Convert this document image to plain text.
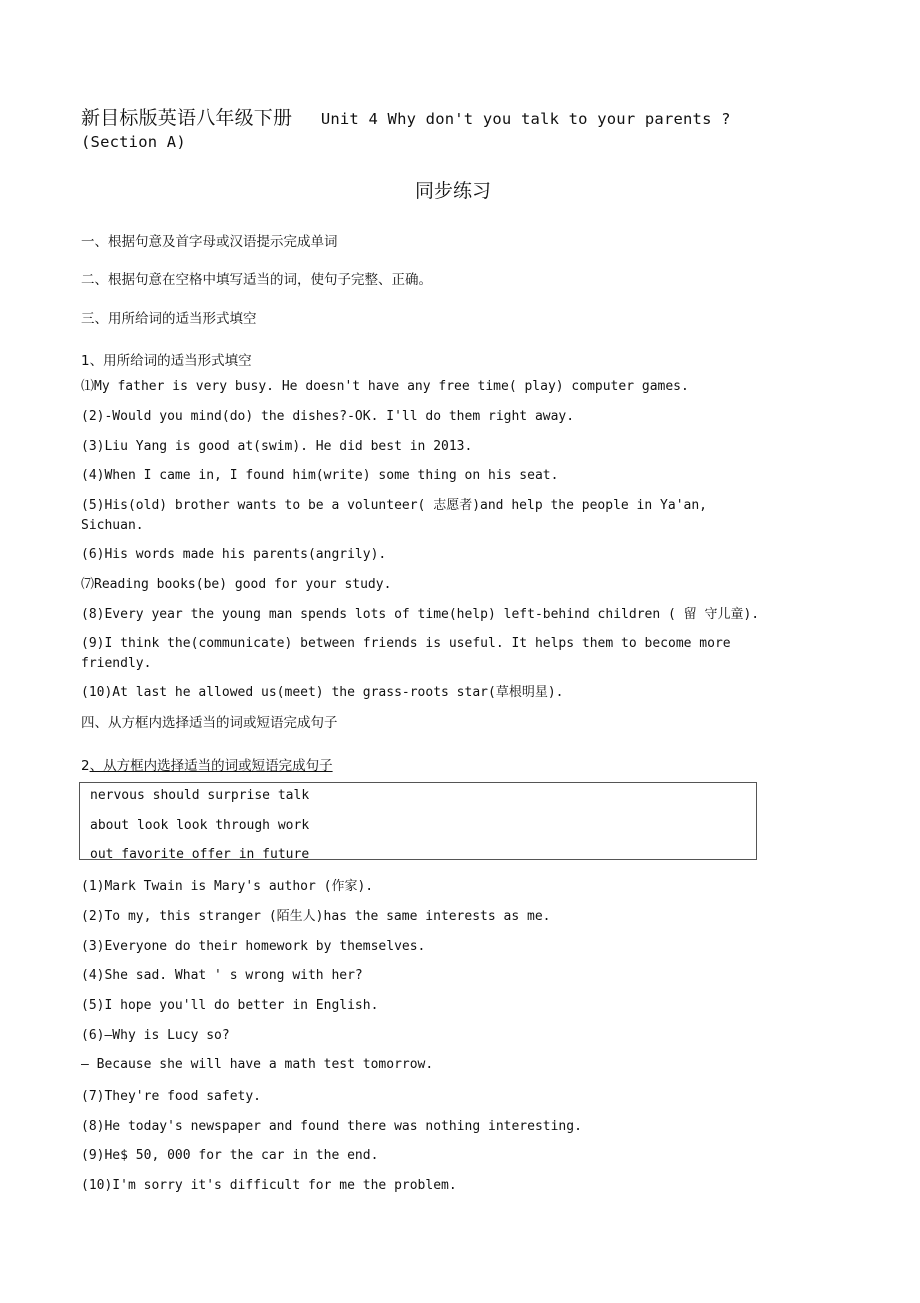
新目标版英语八年级下册 Unit 4 Why don't you talk to your parents ?
(Section A)
同步练习
一、根据句意及首字母或汉语提示完成单词
二、根据句意在空格中填写适当的词，使句子完整、正确。
三、用所给词的适当形式填空
1、用所给词的适当形式填空
⑴My father is very busy. He doesn't have any free time( play) computer games.
(2)-Would you mind(do) the dishes?-OK. I'll do them right away.
(3)Liu Yang is good at(swim). He did best in 2013.
(4)When I came in, I found him(write) some thing on his seat.
(5)His(old) brother wants to be a volunteer( 志愿者)and help the people in Ya'an, Sichuan.
(6)His words made his parents(angrily).
⑺Reading books(be) good for your study.
(8)Every year the young man spends lots of time(help) left-behind children ( 留 守儿童).
(9)I think the(communicate) between friends is useful. It helps them to become more friendly.
(10)At last he allowed us(meet) the grass-roots star(草根明星).
四、从方框内选择适当的词或短语完成句子
2、从方框内选择适当的词或短语完成句子
nervous should surprise talk
about look look through work
out favorite offer in future
(1)Mark Twain is Mary's author (作家).
(2)To my, this stranger (陌生人)has the same interests as me.
(3)Everyone do their homework by themselves.
(4)She sad. What ' s wrong with her?
(5)I hope you'll do better in English.
(6)—Why is Lucy so?
— Because she will have a math test tomorrow.
(7)They're food safety.
(8)He today's newspaper and found there was nothing interesting.
(9)He$ 50, 000 for the car in the end.
(10)I'm sorry it's difficult for me the problem.
